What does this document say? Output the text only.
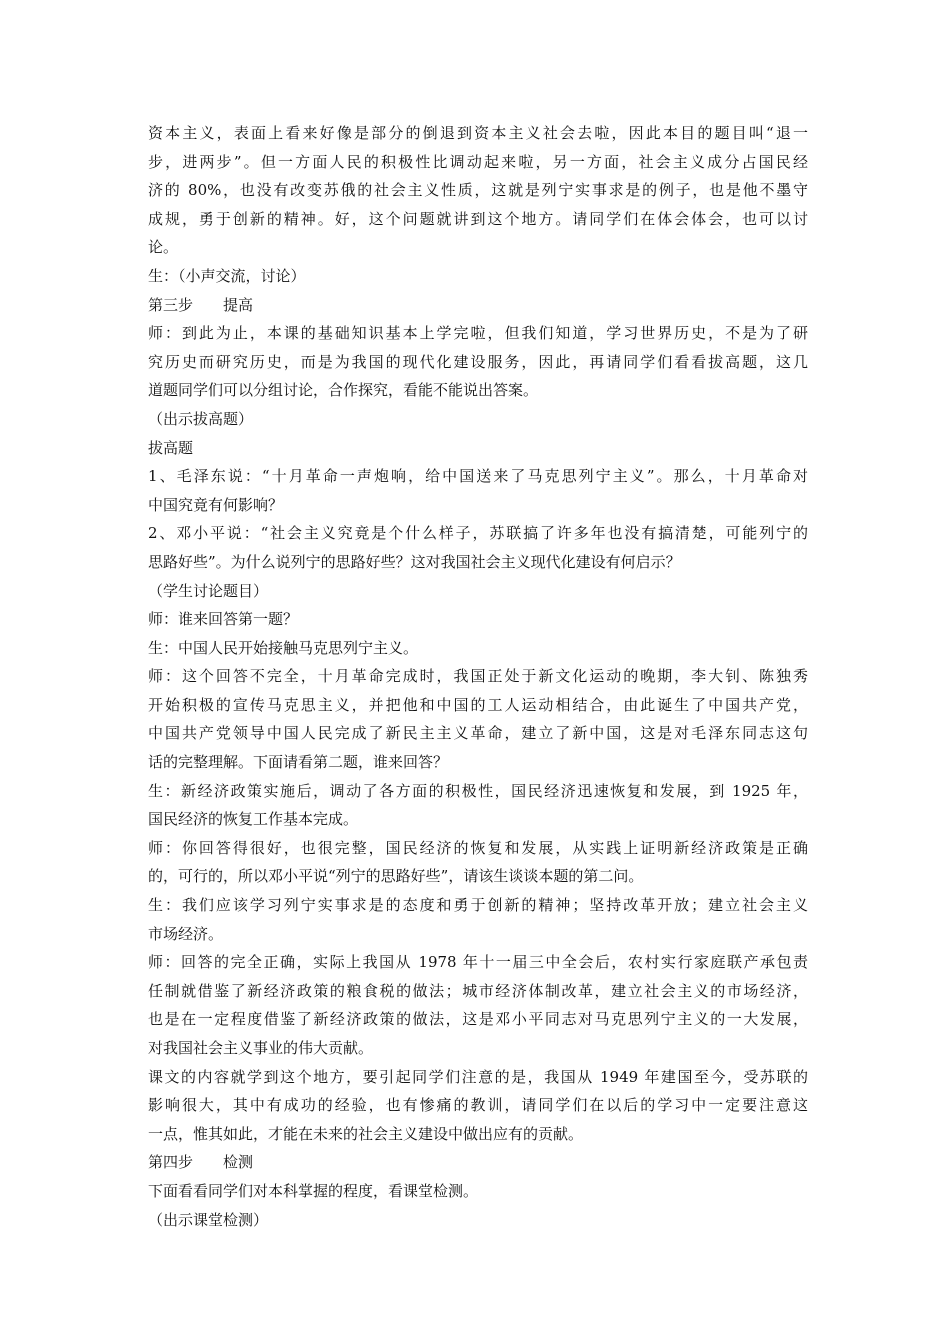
资本主义，表面上看来好像是部分的倒退到资本主义社会去啦，因此本目的题目叫“退一
步，进两步”。但一方面人民的积极性比调动起来啦，另一方面，社会主义成分占国民经
济的 80%，也没有改变苏俄的社会主义性质，这就是列宁实事求是的例子，也是他不墨守
成规，勇于创新的精神。好，这个问题就讲到这个地方。请同学们在体会体会，也可以讨
论。
生：（小声交流，讨论）
第三步　　提高
师：到此为止，本课的基础知识基本上学完啦，但我们知道，学习世界历史，不是为了研
究历史而研究历史，而是为我国的现代化建设服务，因此，再请同学们看看拔高题，这几
道题同学们可以分组讨论，合作探究，看能不能说出答案。
（出示拔高题）
拔高题
1、毛泽东说：“十月革命一声炮响，给中国送来了马克思列宁主义”。那么，十月革命对
中国究竟有何影响？
2、邓小平说：“社会主义究竟是个什么样子，苏联搞了许多年也没有搞清楚，可能列宁的
思路好些”。为什么说列宁的思路好些？这对我国社会主义现代化建设有何启示？
（学生讨论题目）
师：谁来回答第一题？
生：中国人民开始接触马克思列宁主义。
师：这个回答不完全，十月革命完成时，我国正处于新文化运动的晚期，李大钊、陈独秀
开始积极的宣传马克思主义，并把他和中国的工人运动相结合，由此诞生了中国共产党，
中国共产党领导中国人民完成了新民主主义革命，建立了新中国，这是对毛泽东同志这句
话的完整理解。下面请看第二题，谁来回答？
生：新经济政策实施后，调动了各方面的积极性，国民经济迅速恢复和发展，到 1925 年，
国民经济的恢复工作基本完成。
师：你回答得很好，也很完整，国民经济的恢复和发展，从实践上证明新经济政策是正确
的，可行的，所以邓小平说“列宁的思路好些”，请该生谈谈本题的第二问。
生：我们应该学习列宁实事求是的态度和勇于创新的精神；坚持改革开放；建立社会主义
市场经济。
师：回答的完全正确，实际上我国从 1978 年十一届三中全会后，农村实行家庭联产承包责
任制就借鉴了新经济政策的粮食税的做法；城市经济体制改革，建立社会主义的市场经济，
也是在一定程度借鉴了新经济政策的做法，这是邓小平同志对马克思列宁主义的一大发展，
对我国社会主义事业的伟大贡献。
课文的内容就学到这个地方，要引起同学们注意的是，我国从 1949 年建国至今，受苏联的
影响很大，其中有成功的经验，也有惨痛的教训，请同学们在以后的学习中一定要注意这
一点，惟其如此，才能在未来的社会主义建设中做出应有的贡献。
第四步　　检测
下面看看同学们对本科掌握的程度，看课堂检测。
（出示课堂检测）
